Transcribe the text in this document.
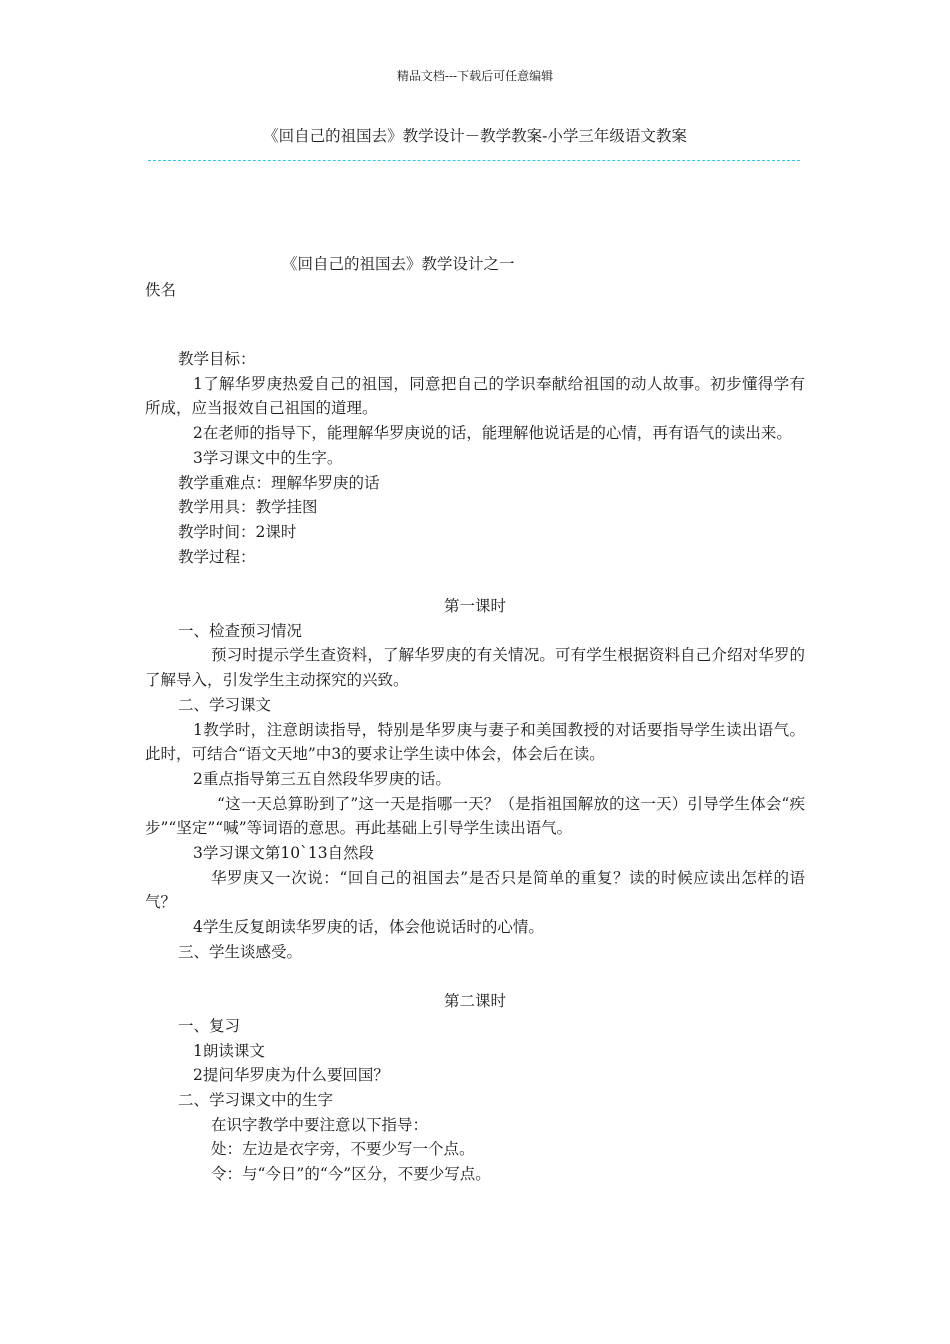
精品文档---下载后可任意编辑
《回自己的祖国去》教学设计－教学教案-小学三年级语文教案
《回自己的祖国去》教学设计之一
佚名

教学目标：

1了解华罗庚热爱自己的祖国，同意把自己的学识奉献给祖国的动人故事。初步懂得学有所成，应当报效自己祖国的道理。

2在老师的指导下，能理解华罗庚说的话，能理解他说话是的心情，再有语气的读出来。

3学习课文中的生字。

教学重难点：理解华罗庚的话

教学用具：教学挂图

教学时间：2课时

教学过程：

第一课时

一、检查预习情况

预习时提示学生查资料，了解华罗庚的有关情况。可有学生根据资料自己介绍对华罗的了解导入，引发学生主动探究的兴致。

二、学习课文

1教学时，注意朗读指导，特别是华罗庚与妻子和美国教授的对话要指导学生读出语气。此时，可结合“语文天地”中3的要求让学生读中体会，体会后在读。

2重点指导第三五自然段华罗庚的话。

“这一天总算盼到了”这一天是指哪一天？（是指祖国解放的这一天）引导学生体会“疾步”“坚定”“喊”等词语的意思。再此基础上引导学生读出语气。

3学习课文第10`13自然段

华罗庚又一次说：“回自己的祖国去”是否只是简单的重复？读的时候应读出怎样的语气？

4学生反复朗读华罗庚的话，体会他说话时的心情。

三、学生谈感受。

第二课时

一、复习

1朗读课文

2提问华罗庚为什么要回国？

二、学习课文中的生字

在识字教学中要注意以下指导：

处：左边是衣字旁，不要少写一个点。

令：与“今日”的“今”区分，不要少写点。
